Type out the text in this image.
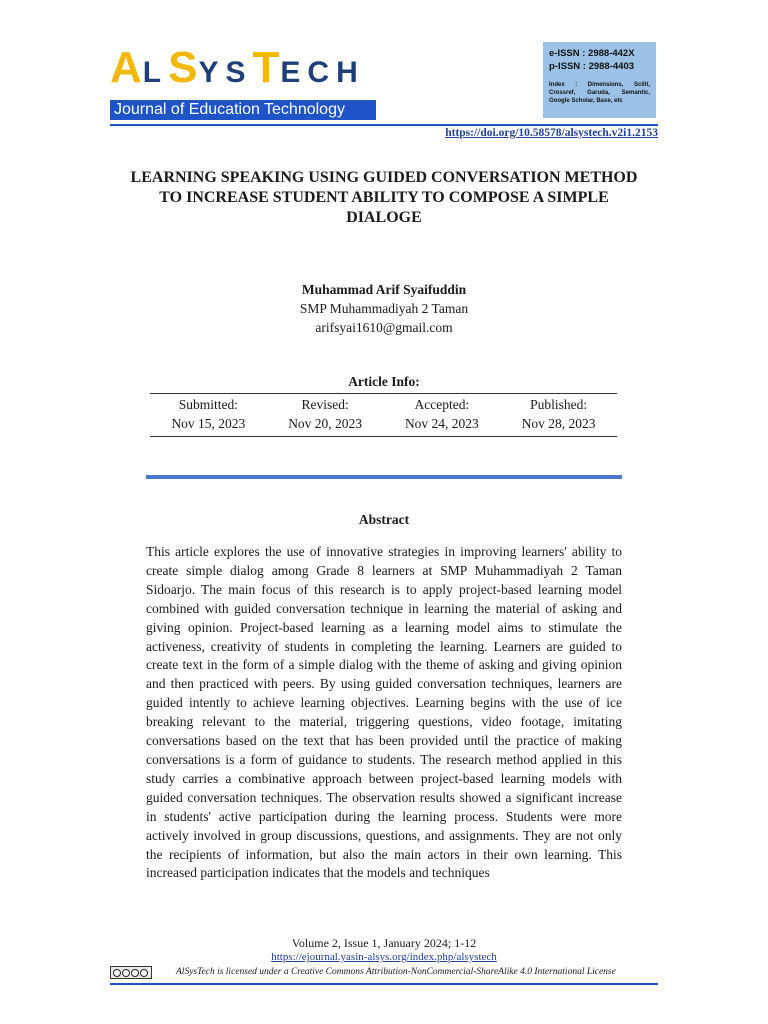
ALSYSTECH
Journal of Education Technology
e-ISSN : 2988-442X
p-ISSN : 2988-4403
Index : Dimensions, Scilit, Crossref, Garuda, Semantic, Google Scholar, Base, etc
https://doi.org/10.58578/alsystech.v2i1.2153
LEARNING SPEAKING USING GUIDED CONVERSATION METHOD TO INCREASE STUDENT ABILITY TO COMPOSE A SIMPLE DIALOGE
Muhammad Arif Syaifuddin
SMP Muhammadiyah 2 Taman
arifsyai1610@gmail.com
Article Info:
Submitted:
Nov 15, 2023
Revised:
Nov 20, 2023
Accepted:
Nov 24, 2023
Published:
Nov 28, 2023
Abstract

This article explores the use of innovative strategies in improving learners' ability to create simple dialog among Grade 8 learners at SMP Muhammadiyah 2 Taman Sidoarjo. The main focus of this research is to apply project-based learning model combined with guided conversation technique in learning the material of asking and giving opinion. Project-based learning as a learning model aims to stimulate the activeness, creativity of students in completing the learning. Learners are guided to create text in the form of a simple dialog with the theme of asking and giving opinion and then practiced with peers. By using guided conversation techniques, learners are guided intently to achieve learning objectives. Learning begins with the use of ice breaking relevant to the material, triggering questions, video footage, imitating conversations based on the text that has been provided until the practice of making conversations is a form of guidance to students. The research method applied in this study carries a combinative approach between project-based learning models with guided conversation techniques. The observation results showed a significant increase in students' active participation during the learning process. Students were more actively involved in group discussions, questions, and assignments. They are not only the recipients of information, but also the main actors in their own learning. This increased participation indicates that the models and techniques

Volume 2, Issue 1, January 2024; 1-12
https://ejournal.yasin-alsys.org/index.php/alsystech
AlSysTech is licensed under a Creative Commons Attribution-NonCommercial-ShareAlike 4.0 International License
